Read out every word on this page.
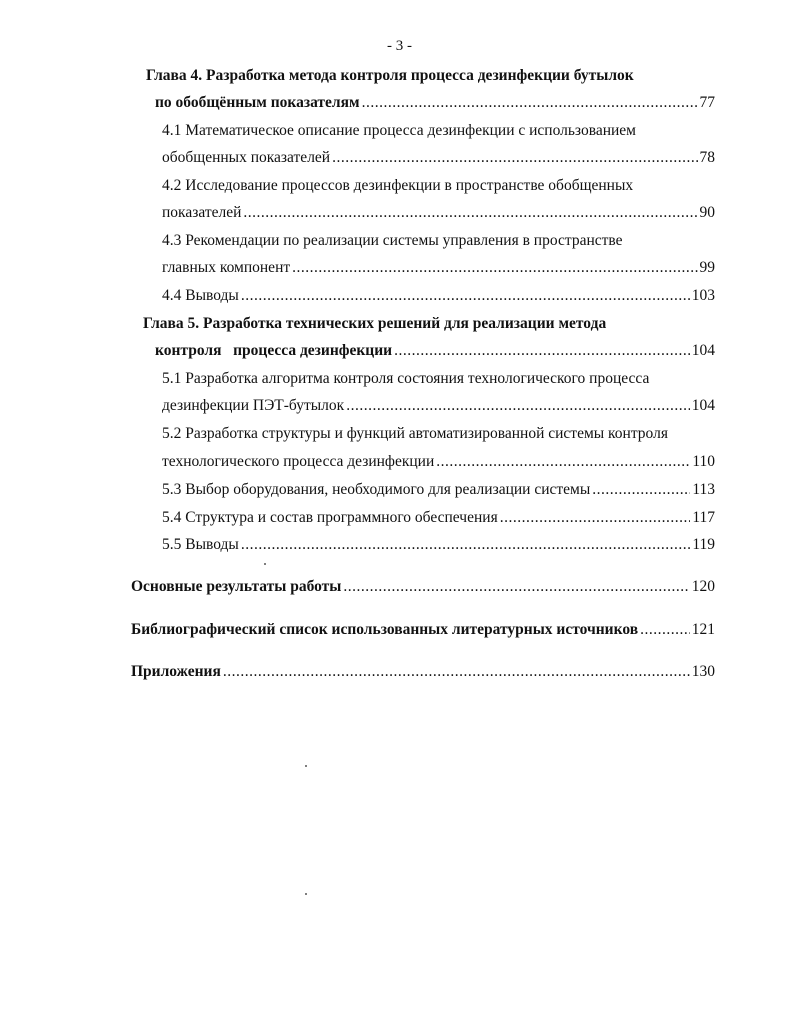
- 3 -
Глава 4. Разработка метода контроля процесса дезинфекции бутылок
по обобщённым показателям .....	77
4.1 Математическое описание процесса дезинфекции с использованием
обобщенных показателей .....	78
4.2 Исследование процессов дезинфекции в пространстве обобщенных
показателей .....	90
4.3 Рекомендации по реализации системы управления в пространстве
главных компонент .....	99
4.4 Выводы .....	103
Глава 5. Разработка технических решений для реализации метода
контроля   процесса дезинфекции .....	104
5.1 Разработка алгоритма контроля состояния технологического процесса
дезинфекции ПЭТ-бутылок .....	104
5.2 Разработка структуры и функций автоматизированной системы контроля
технологического процесса дезинфекции .....	110
5.3 Выбор оборудования, необходимого для реализации системы .....	113
5.4 Структура и состав программного обеспечения .....	117
5.5 Выводы .....	119
Основные результаты работы .....	120
Библиографический список использованных литературных источников .....	121
Приложения .....	130
